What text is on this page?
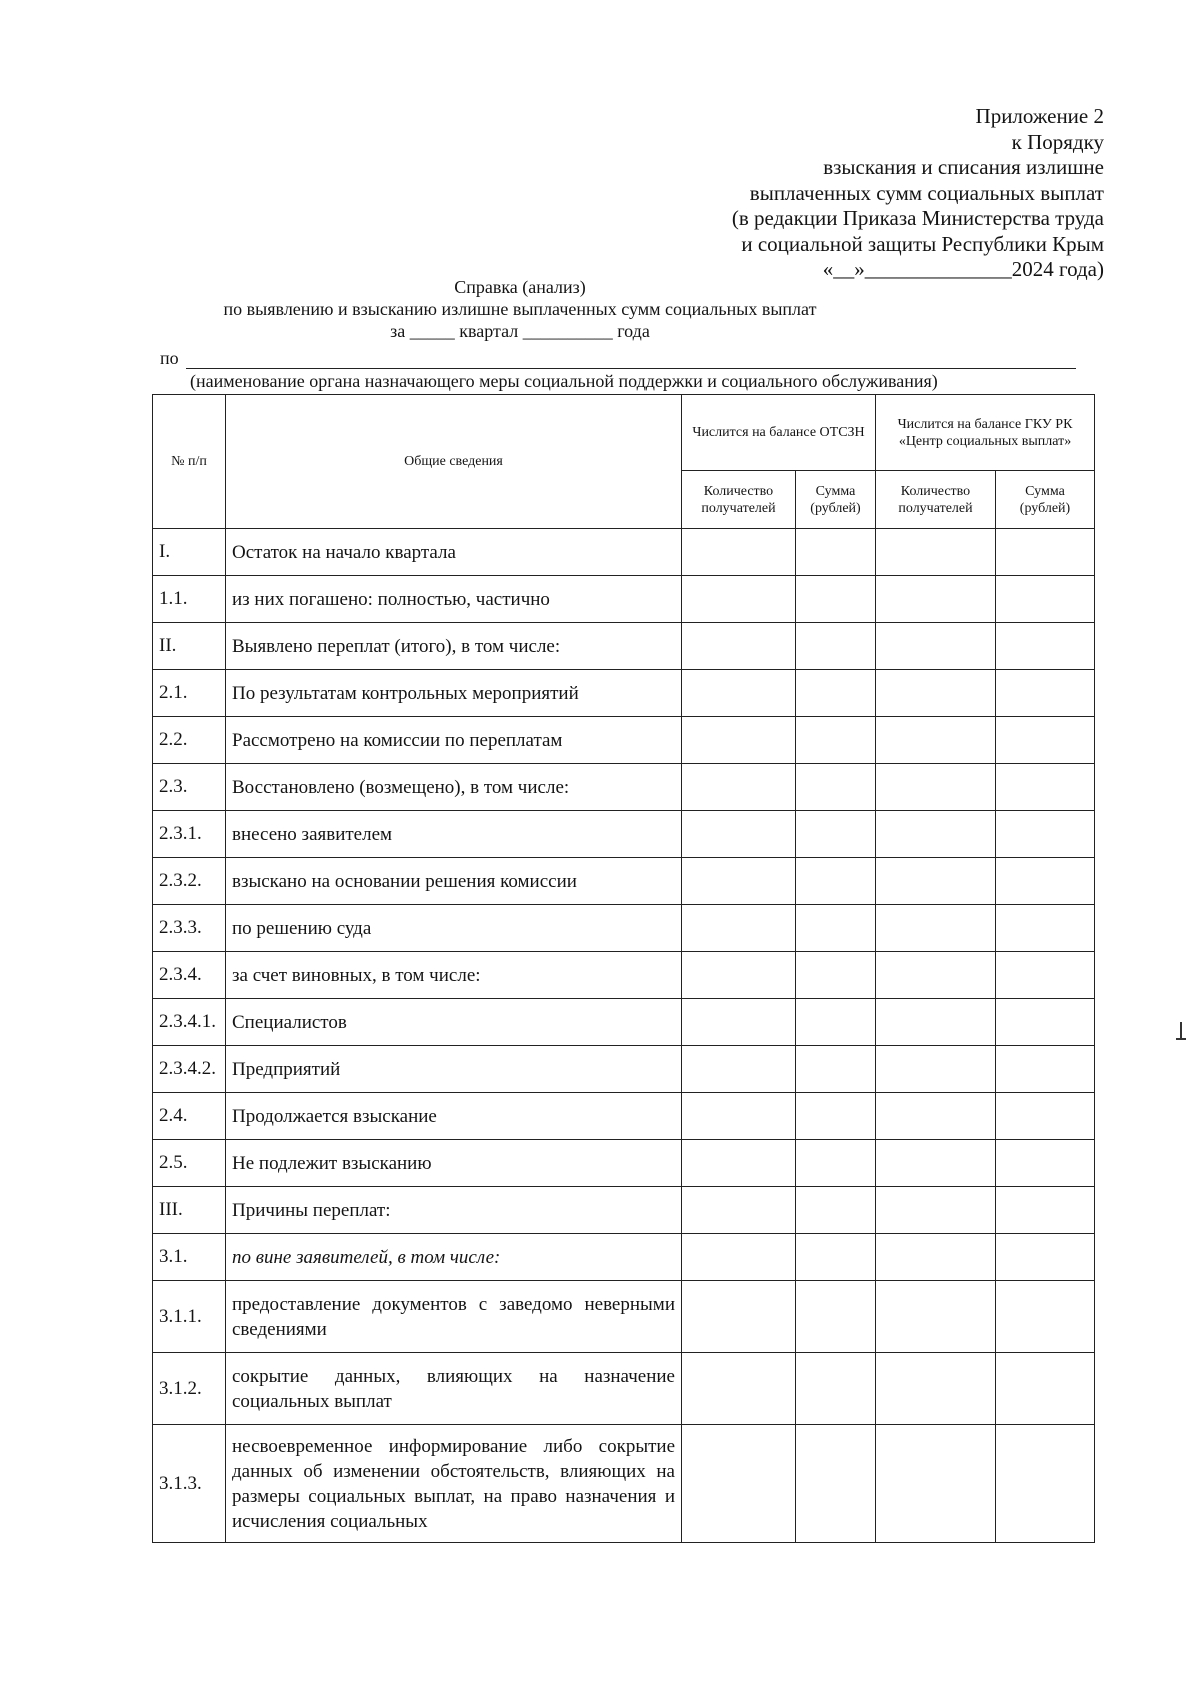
Приложение 2
к Порядку
взыскания и списания излишне
выплаченных сумм социальных выплат
(в редакции Приказа Министерства труда
и социальной защиты Республики Крым
«__»______________2024 года)
Справка (анализ)
по выявлению и взысканию излишне выплаченных сумм социальных выплат
за _____ квартал __________ года
по
(наименование органа назначающего меры социальной поддержки и социального обслуживания)
№ п/п	Общие сведения	Числится на балансе ОТСЗН		Числится на балансе ГКУ РК «Центр социальных выплат»	
		Количество получателей	Сумма (рублей)	Количество получателей	Сумма (рублей)
I.	Остаток на начало квартала				
1.1.	из них погашено: полностью, частично				
II.	Выявлено переплат (итого), в том числе:				
2.1.	По результатам контрольных мероприятий				
2.2.	Рассмотрено на комиссии по переплатам				
2.3.	Восстановлено (возмещено), в том числе:				
2.3.1.	внесено заявителем				
2.3.2.	взыскано на основании решения комиссии				
2.3.3.	по решению суда				
2.3.4.	за счет виновных, в том числе:				
2.3.4.1.	Специалистов				
2.3.4.2.	Предприятий				
2.4.	Продолжается взыскание				
2.5.	Не подлежит взысканию				
III.	Причины переплат:				
3.1.	по вине заявителей, в том числе:				
3.1.1.	предоставление документов с заведомо неверными сведениями				
3.1.2.	сокрытие данных, влияющих на назначение социальных выплат				
3.1.3.	несвоевременное информирование либо сокрытие данных об изменении обстоятельств, влияющих на размеры социальных выплат, на право назначения и исчисления социальных				
